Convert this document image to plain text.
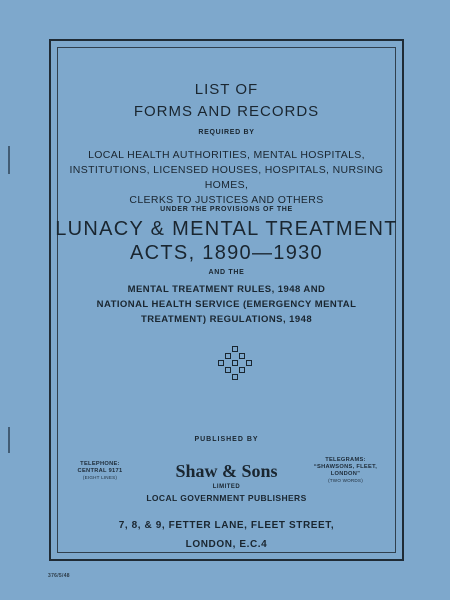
LIST OF
FORMS AND RECORDS
REQUIRED BY
LOCAL HEALTH AUTHORITIES, MENTAL HOSPITALS,
INSTITUTIONS, LICENSED HOUSES, HOSPITALS, NURSING HOMES,
CLERKS TO JUSTICES AND OTHERS
UNDER THE PROVISIONS OF THE
LUNACY & MENTAL TREATMENT
ACTS, 1890—1930
AND THE
MENTAL TREATMENT RULES, 1948 AND
NATIONAL HEALTH SERVICE (EMERGENCY MENTAL
TREATMENT) REGULATIONS, 1948
PUBLISHED BY
TELEPHONE:
CENTRAL 9171
(EIGHT LINES)	Shaw & Sons
LIMITED
TELEGRAMS:
“SHAWSONS, FLEET,
LONDON”
(TWO WORDS)
LOCAL GOVERNMENT PUBLISHERS
7, 8, & 9, FETTER LANE, FLEET STREET,
LONDON, E.C.4
376/5/48
